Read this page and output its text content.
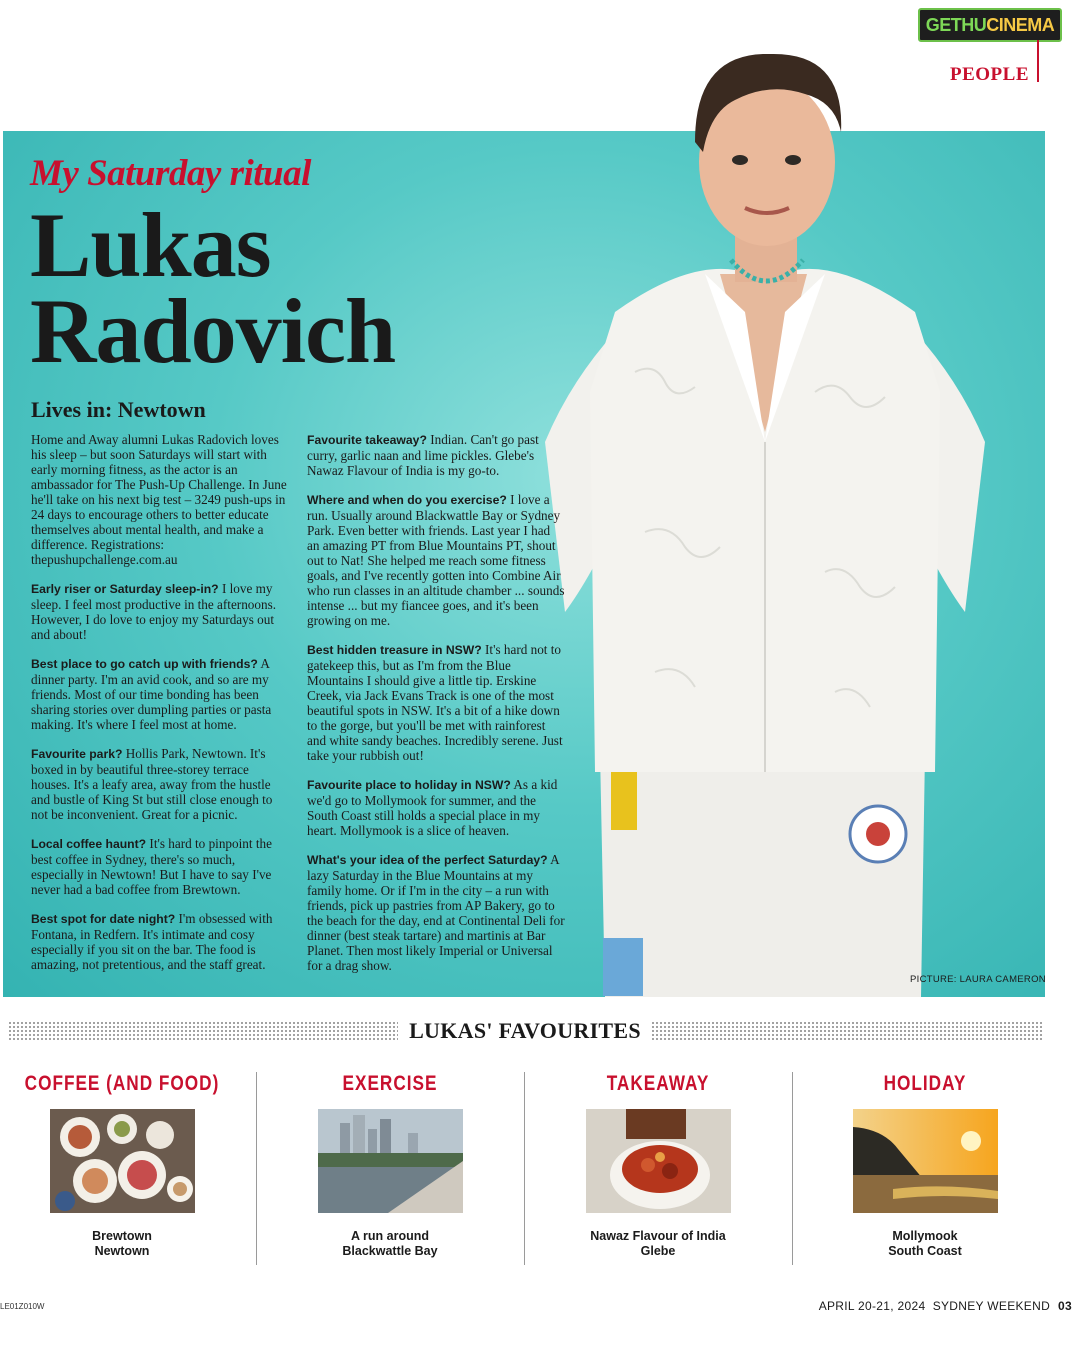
GETHU CINEMA
PEOPLE
My Saturday ritual
Lukas
Radovich
Lives in: Newtown

Home and Away alumni Lukas Radovich loves his sleep – but soon Saturdays will start with early morning fitness, as the actor is an ambassador for The Push-Up Challenge. In June he'll take on his next big test – 3249 push-ups in 24 days to encourage others to better educate themselves about mental health, and make a difference. Registrations: thepushupchallenge.com.au

Early riser or Saturday sleep-in? I love my sleep. I feel most productive in the afternoons. However, I do love to enjoy my Saturdays out and about!

Best place to go catch up with friends? A dinner party. I'm an avid cook, and so are my friends. Most of our time bonding has been sharing stories over dumpling parties or pasta making. It's where I feel most at home.

Favourite park? Hollis Park, Newtown. It's boxed in by beautiful three-storey terrace houses. It's a leafy area, away from the hustle and bustle of King St but still close enough to not be inconvenient. Great for a picnic.

Local coffee haunt? It's hard to pinpoint the best coffee in Sydney, there's so much, especially in Newtown! But I have to say I've never had a bad coffee from Brewtown.

Best spot for date night? I'm obsessed with Fontana, in Redfern. It's intimate and cosy especially if you sit on the bar. The food is amazing, not pretentious, and the staff great.

Favourite takeaway? Indian. Can't go past curry, garlic naan and lime pickles. Glebe's Nawaz Flavour of India is my go-to.

Where and when do you exercise? I love a run. Usually around Blackwattle Bay or Sydney Park. Even better with friends. Last year I had an amazing PT from Blue Mountains PT, shout out to Nat! She helped me reach some fitness goals, and I've recently gotten into Combine Air who run classes in an altitude chamber ... sounds intense ... but my fiancee goes, and it's been growing on me.

Best hidden treasure in NSW? It's hard not to gatekeep this, but as I'm from the Blue Mountains I should give a little tip. Erskine Creek, via Jack Evans Track is one of the most beautiful spots in NSW. It's a bit of a hike down to the gorge, but you'll be met with rainforest and white sandy beaches. Incredibly serene. Just take your rubbish out!

Favourite place to holiday in NSW? As a kid we'd go to Mollymook for summer, and the South Coast still holds a special place in my heart. Mollymook is a slice of heaven.

What's your idea of the perfect Saturday? A lazy Saturday in the Blue Mountains at my family home. Or if I'm in the city – a run with friends, pick up pastries from AP Bakery, go to the beach for the day, end at Continental Deli for dinner (best steak tartare) and martinis at Bar Planet. Then most likely Imperial or Universal for a drag show.

PICTURE: LAURA CAMERON
LUKAS' FAVOURITES
COFFEE (AND FOOD)
Brewtown
Newtown
EXERCISE
A run around
Blackwattle Bay
TAKEAWAY
Nawaz Flavour of India
Glebe
HOLIDAY
Mollymook
South Coast
LE01Z010W	APRIL 20-21, 2024 SYDNEY WEEKEND 03
